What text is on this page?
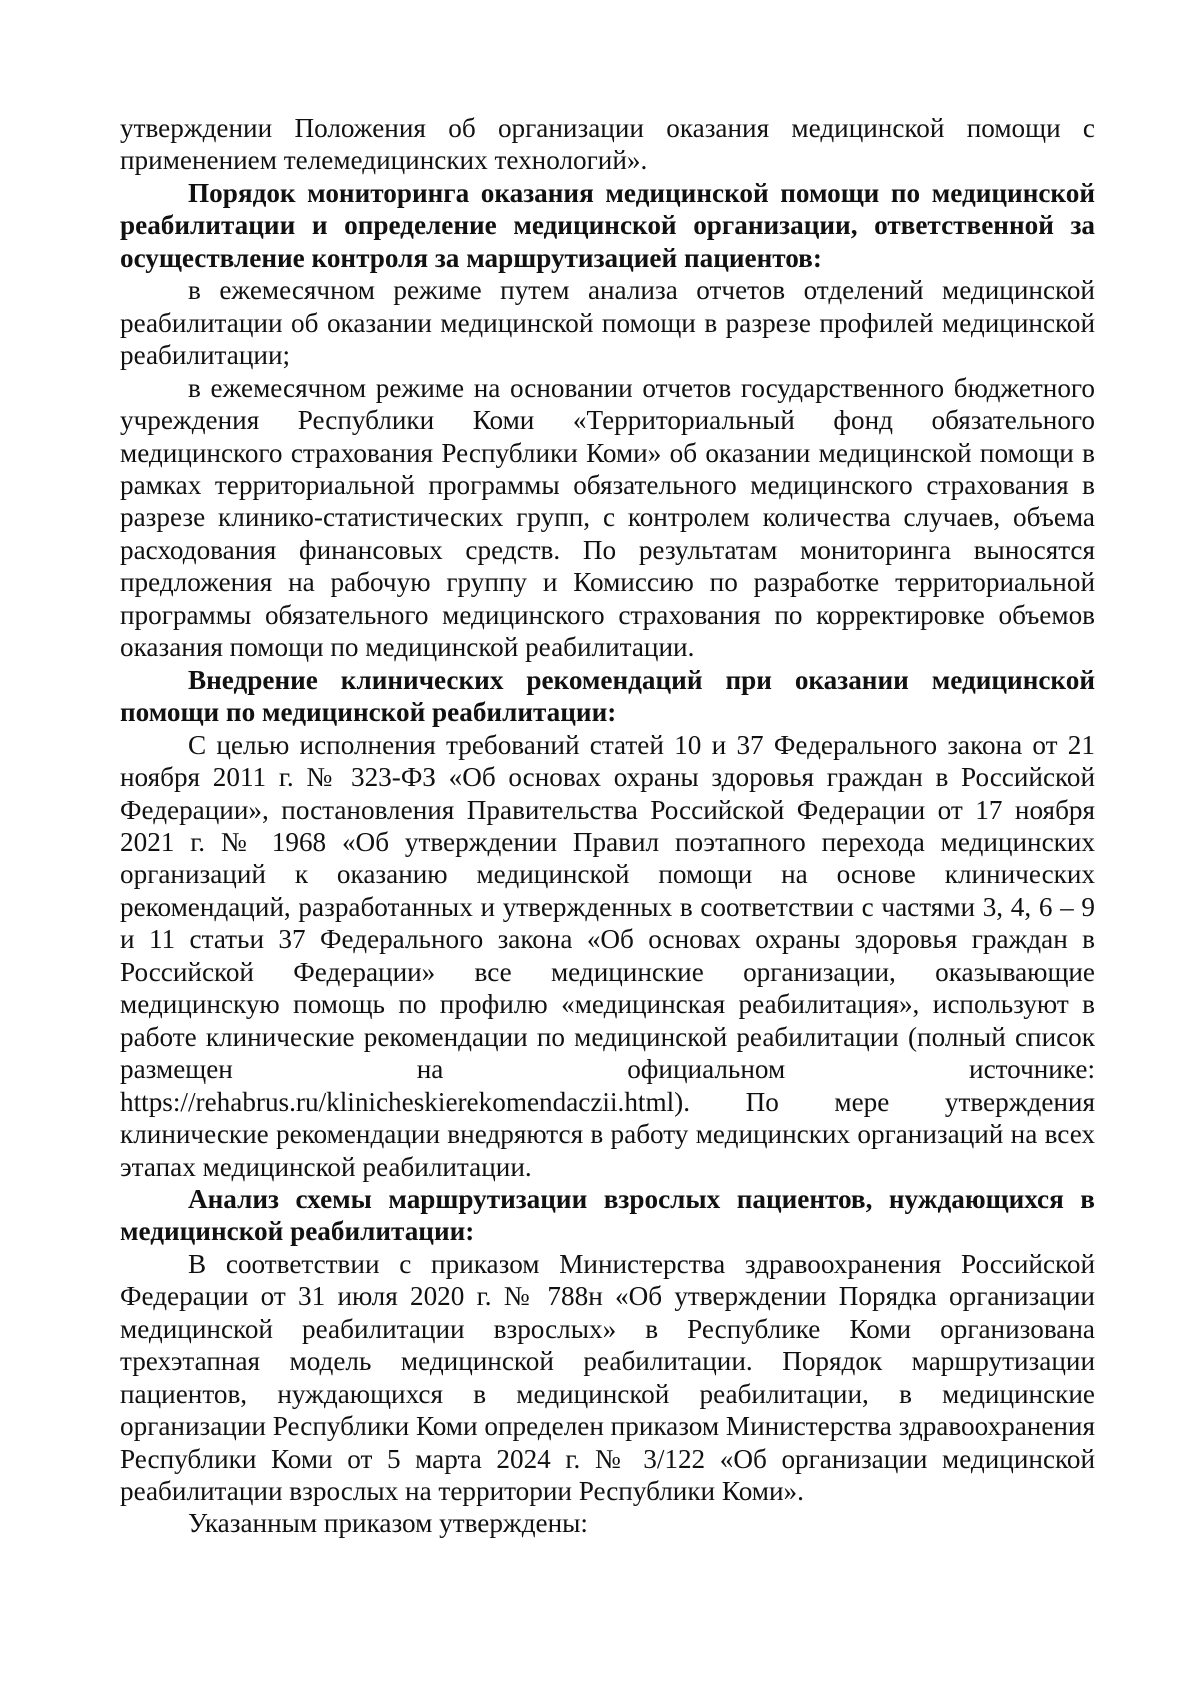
утверждении Положения об организации оказания медицинской помощи с применением телемедицинских технологий».

Порядок мониторинга оказания медицинской помощи по медицинской реабилитации и определение медицинской организации, ответственной за осуществление контроля за маршрутизацией пациентов:

в ежемесячном режиме путем анализа отчетов отделений медицинской реабилитации об оказании медицинской помощи в разрезе профилей медицинской реабилитации;

в ежемесячном режиме на основании отчетов государственного бюджетного учреждения Республики Коми «Территориальный фонд обязательного медицинского страхования Республики Коми» об оказании медицинской помощи в рамках территориальной программы обязательного медицинского страхования в разрезе клинико-статистических групп, с контролем количества случаев, объема расходования финансовых средств. По результатам мониторинга выносятся предложения на рабочую группу и Комиссию по разработке территориальной программы обязательного медицинского страхования по корректировке объемов оказания помощи по медицинской реабилитации.

Внедрение клинических рекомендаций при оказании медицинской помощи по медицинской реабилитации:

С целью исполнения требований статей 10 и 37 Федерального закона от 21 ноября 2011 г. № 323-ФЗ «Об основах охраны здоровья граждан в Российской Федерации», постановления Правительства Российской Федерации от 17 ноября 2021 г. № 1968 «Об утверждении Правил поэтапного перехода медицинских организаций к оказанию медицинской помощи на основе клинических рекомендаций, разработанных и утвержденных в соответствии с частями 3, 4, 6 – 9 и 11 статьи 37 Федерального закона «Об основах охраны здоровья граждан в Российской Федерации» все медицинские организации, оказывающие медицинскую помощь по профилю «медицинская реабилитация», используют в работе клинические рекомендации по медицинской реабилитации (полный список размещен на официальном источнике: https://rehabrus.ru/klinicheskierekomendaczii.html). По мере утверждения клинические рекомендации внедряются в работу медицинских организаций на всех этапах медицинской реабилитации.

Анализ схемы маршрутизации взрослых пациентов, нуждающихся в медицинской реабилитации:

В соответствии с приказом Министерства здравоохранения Российской Федерации от 31 июля 2020 г. № 788н «Об утверждении Порядка организации медицинской реабилитации взрослых» в Республике Коми организована трехэтапная модель медицинской реабилитации. Порядок маршрутизации пациентов, нуждающихся в медицинской реабилитации, в медицинские организации Республики Коми определен приказом Министерства здравоохранения Республики Коми от 5 марта 2024 г. № 3/122 «Об организации медицинской реабилитации взрослых на территории Республики Коми».

Указанным приказом утверждены:
